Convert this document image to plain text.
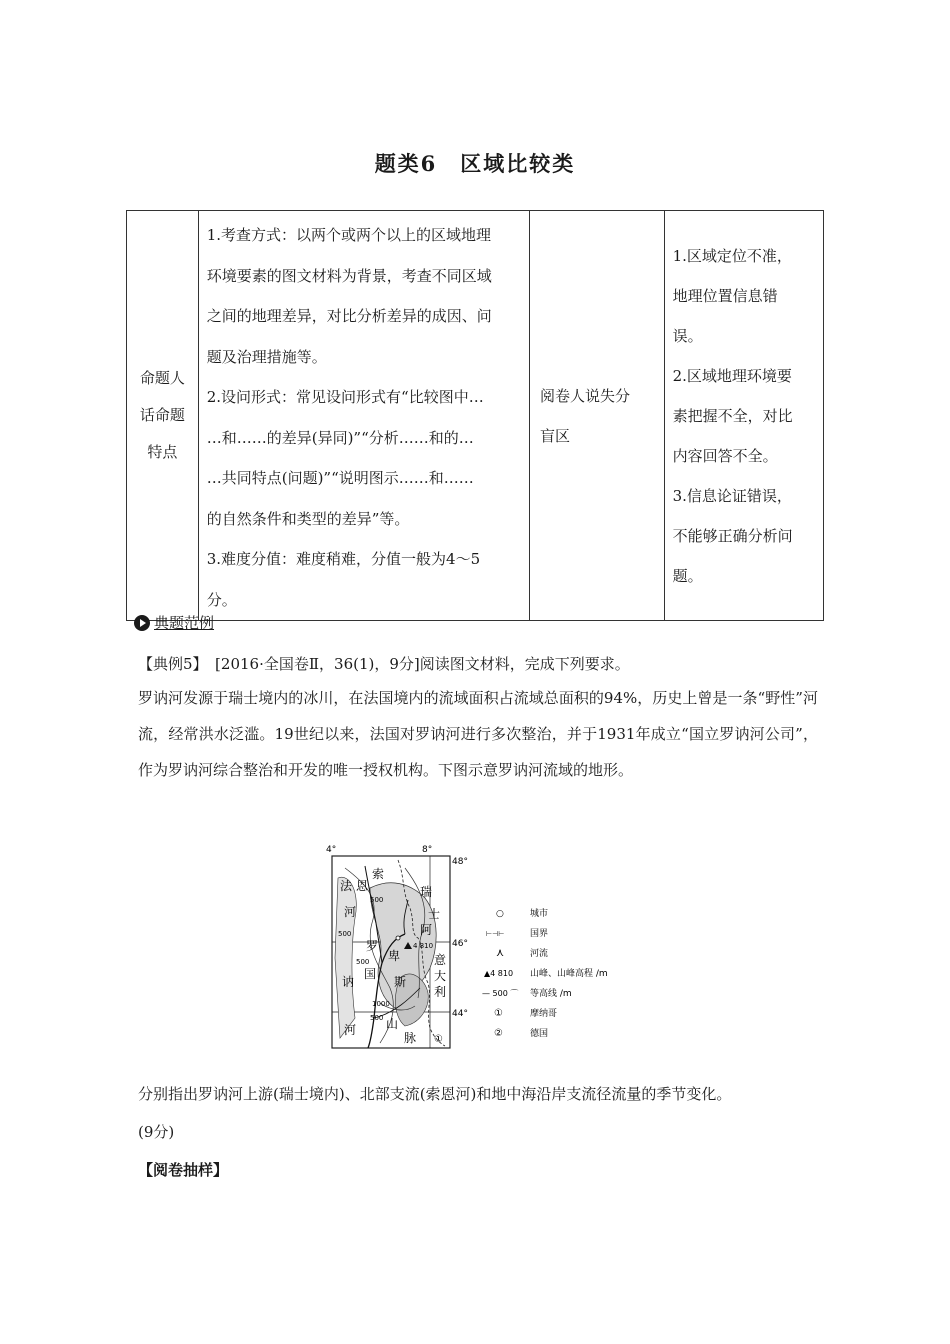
题类6　区域比较类
命题人
话命题
特点

1.考查方式：以两个或两个以上的区域地理
环境要素的图文材料为背景，考查不同区域
之间的地理差异，对比分析差异的成因、问
题及治理措施等。
2.设问形式：常见设问形式有“比较图中…
…和……的差异(异同)”“分析……和的…
…共同特点(问题)”“说明图示……和……
的自然条件和类型的差异”等。
3.难度分值：难度稍难，分值一般为4～5
分。

阅卷人说失分
盲区

1.区域定位不准，
地理位置信息错
误。
2.区域地理环境要
素把握不全，对比
内容回答不全。
3.信息论证错误，
不能够正确分析问
题。
典题范例
【典例5】　[2016·全国卷Ⅱ，36(1)，9分]阅读图文材料，完成下列要求。
罗讷河发源于瑞士境内的冰川，在法国境内的流域面积占流域总面积的94%，历史上曾是一条“野性”河流，经常洪水泛滥。19世纪以来，法国对罗讷河进行多次整治，并于1931年成立“国立罗讷河公司”，作为罗讷河综合整治和开发的唯一授权机构。下图示意罗讷河流域的地形。
法 恩
索
瑞
士
河
阿
罗
卑
国
斯
讷
意
大
利
河 山
脉
500
500
500
1000
500
4 810
①
4°	8°
48°
46°
44°
○	城市
⊢⊣⊢	国界
⋏	河流
▲4 810 山峰、山峰高程 /m
— 500 ⌒ 等高线 /m
①	摩纳哥
②	德国
分别指出罗讷河上游(瑞士境内)、北部支流(索恩河)和地中海沿岸支流径流量的季节变化。
(9分)
【阅卷抽样】
